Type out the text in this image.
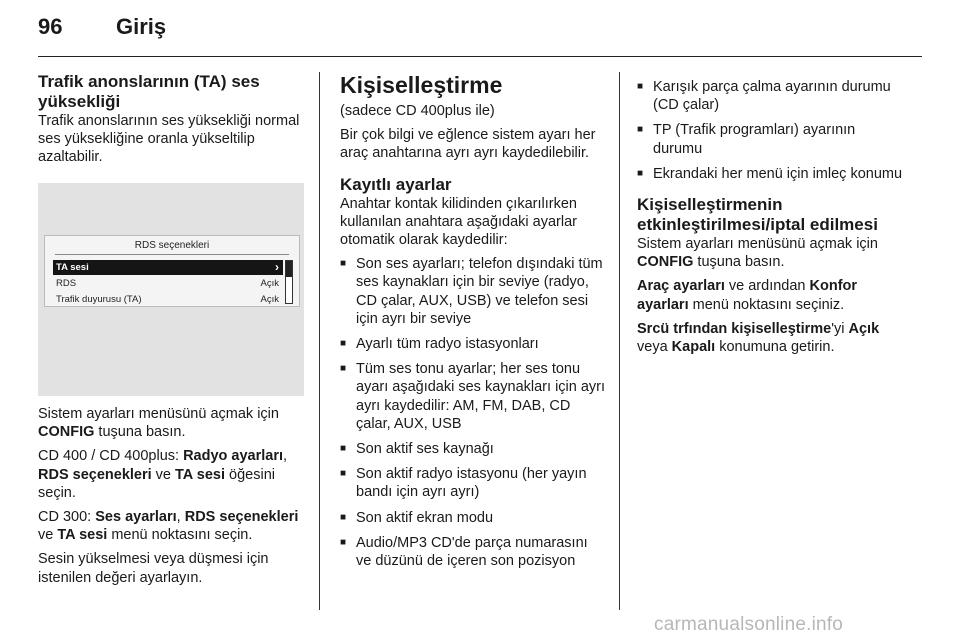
96 Giriş
Trafik anonslarının (TA) ses yüksekliği

Trafik anonslarının ses yüksekliği normal ses yüksekliğine oranla yükseltilip azaltabilir.

RDS seçenekleri
TA sesi	›
RDS	Açık
Trafik duyurusu (TA)	Açık

Sistem ayarları menüsünü açmak için CONFIG tuşuna basın.

CD 400 / CD 400plus: Radyo ayarları, RDS seçenekleri ve TA sesi öğesini seçin.

CD 300: Ses ayarları, RDS seçenekleri ve TA sesi menü noktasını seçin.

Sesin yükselmesi veya düşmesi için istenilen değeri ayarlayın.

Kişiselleştirme

(sadece CD 400plus ile)

Bir çok bilgi ve eğlence sistem ayarı her araç anahtarına ayrı ayrı kaydedilebilir.

Kayıtlı ayarlar

Anahtar kontak kilidinden çıkarılırken kullanılan anahtara aşağıdaki ayarlar otomatik olarak kaydedilir:

■ Son ses ayarları; telefon dışındaki tüm ses kaynakları için bir seviye (radyo, CD çalar, AUX, USB) ve telefon sesi için ayrı bir seviye
■ Ayarlı tüm radyo istasyonları
■ Tüm ses tonu ayarlar; her ses tonu ayarı aşağıdaki ses kaynakları için ayrı ayrı kaydedilir: AM, FM, DAB, CD çalar, AUX, USB
■ Son aktif ses kaynağı
■ Son aktif radyo istasyonu (her yayın bandı için ayrı ayrı)
■ Son aktif ekran modu
■ Audio/MP3 CD'de parça numarasını ve düzünü de içeren son pozisyon
■ Karışık parça çalma ayarının durumu (CD çalar)
■ TP (Trafik programları) ayarının durumu
■ Ekrandaki her menü için imleç konumu
Kişiselleştirmenin etkinleştirilmesi/iptal edilmesi

Sistem ayarları menüsünü açmak için CONFIG tuşuna basın.

Araç ayarları ve ardından Konfor ayarları menü noktasını seçiniz.

Srcü trfından kişiselleştirme'yi Açık veya Kapalı konumuna getirin.

carmanualsonline.info
